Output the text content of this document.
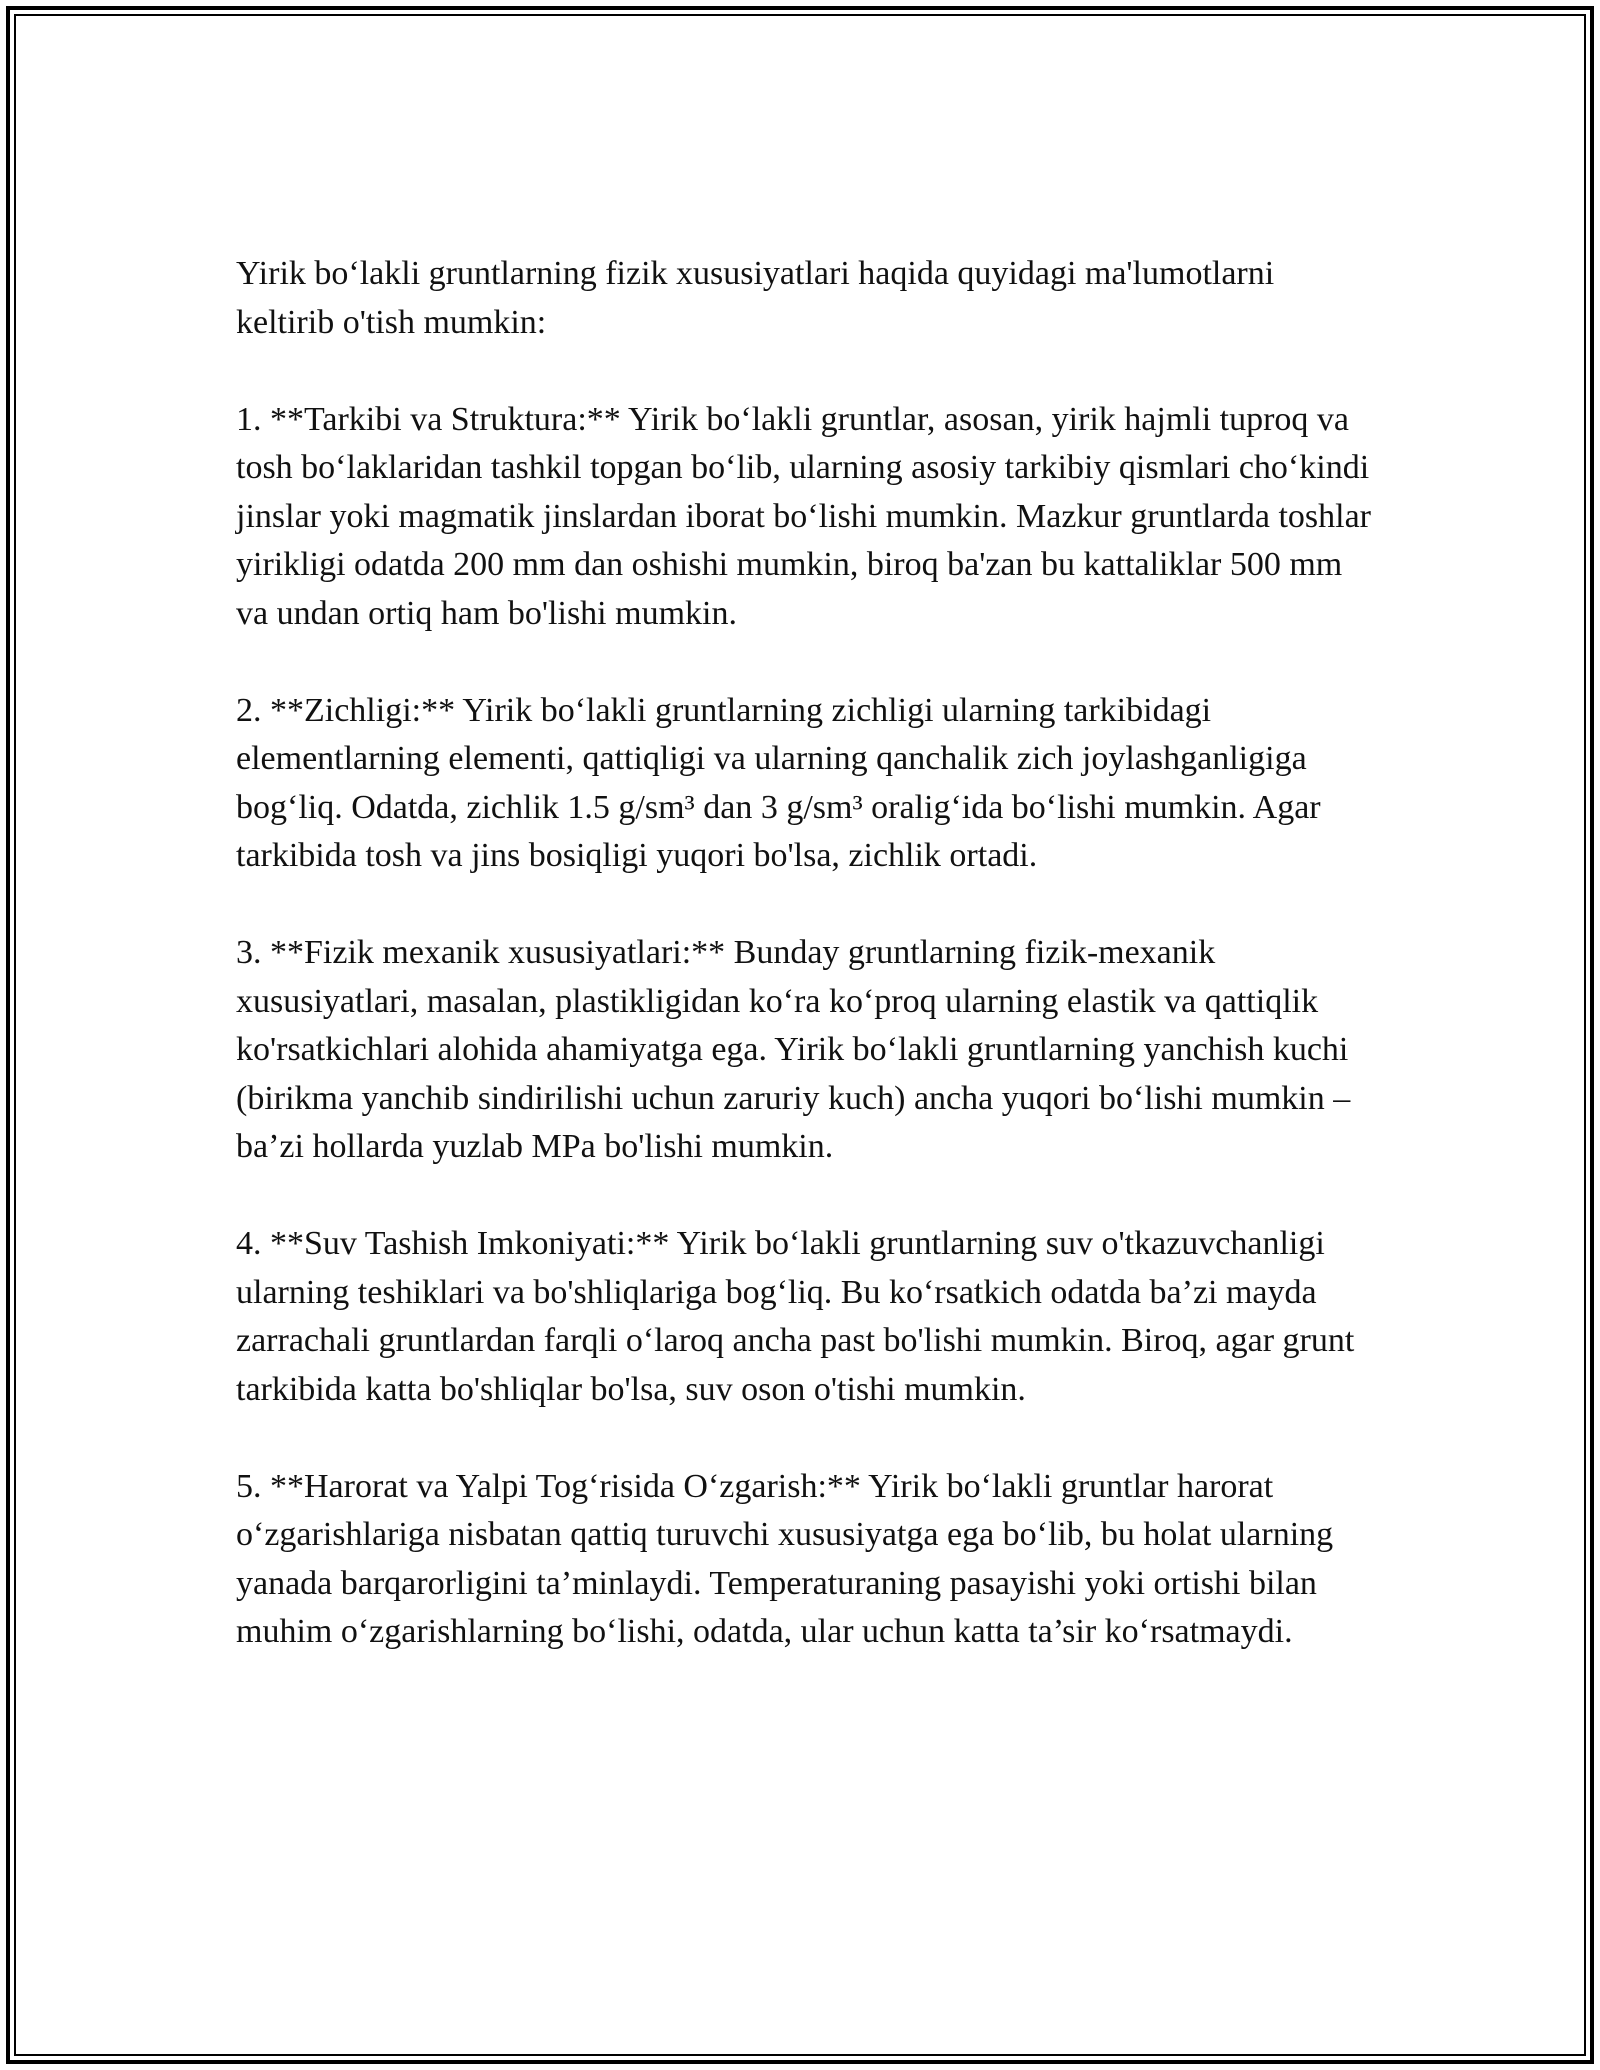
Yirik bo‘lakli gruntlarning fizik xususiyatlari haqida quyidagi ma'lumotlarni keltirib o'tish mumkin:

1. **Tarkibi va Struktura:** Yirik bo‘lakli gruntlar, asosan, yirik hajmli tuproq va tosh bo‘laklaridan tashkil topgan bo‘lib, ularning asosiy tarkibiy qismlari cho‘kindi jinslar yoki magmatik jinslardan iborat bo‘lishi mumkin. Mazkur gruntlarda toshlar yirikligi odatda 200 mm dan oshishi mumkin, biroq ba'zan bu kattaliklar 500 mm va undan ortiq ham bo'lishi mumkin.

2. **Zichligi:** Yirik bo‘lakli gruntlarning zichligi ularning tarkibidagi elementlarning elementi, qattiqligi va ularning qanchalik zich joylashganligiga bog‘liq. Odatda, zichlik 1.5 g/sm³ dan 3 g/sm³ oralig‘ida bo‘lishi mumkin. Agar tarkibida tosh va jins bosiqligi yuqori bo'lsa, zichlik ortadi.

3. **Fizik mexanik xususiyatlari:** Bunday gruntlarning fizik-mexanik xususiyatlari, masalan, plastikligidan ko‘ra ko‘proq ularning elastik va qattiqlik ko'rsatkichlari alohida ahamiyatga ega. Yirik bo‘lakli gruntlarning yanchish kuchi (birikma yanchib sindirilishi uchun zaruriy kuch) ancha yuqori bo‘lishi mumkin – ba’zi hollarda yuzlab MPa bo'lishi mumkin.

4. **Suv Tashish Imkoniyati:** Yirik bo‘lakli gruntlarning suv o'tkazuvchanligi ularning teshiklari va bo'shliqlariga bog‘liq. Bu ko‘rsatkich odatda ba’zi mayda zarrachali gruntlardan farqli o‘laroq ancha past bo'lishi mumkin. Biroq, agar grunt tarkibida katta bo'shliqlar bo'lsa, suv oson o'tishi mumkin.

5. **Harorat va Yalpi Tog‘risida O‘zgarish:** Yirik bo‘lakli gruntlar harorat o‘zgarishlariga nisbatan qattiq turuvchi xususiyatga ega bo‘lib, bu holat ularning yanada barqarorligini ta’minlaydi. Temperaturaning pasayishi yoki ortishi bilan muhim o‘zgarishlarning bo‘lishi, odatda, ular uchun katta ta’sir ko‘rsatmaydi.
